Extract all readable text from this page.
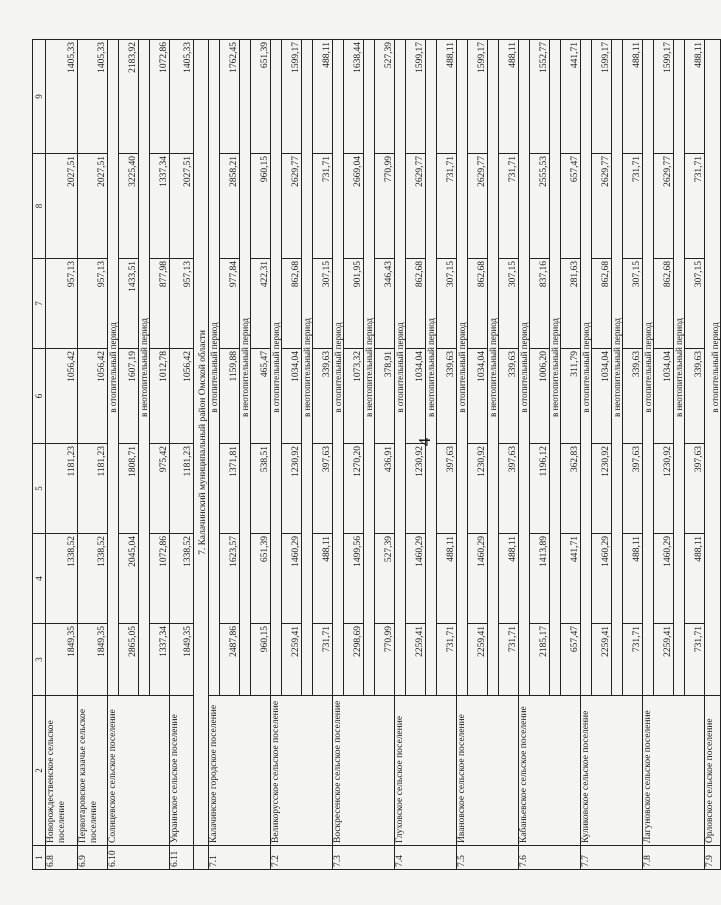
4
1	2	3	4	5	6	7	8	9
6.8	Новорождественское сельское поселение	1849,35	1338,52	1181,23	1056,42	957,13	2027,51	1405,33
6.9	Первотаровское казачье сельское поселение	1849,35	1338,52	1181,23	1056,42	957,13	2027,51	1405,33
6.10	Солнцевское сельское поселение	в отопительный период						
		2865,05	2045,04	1808,71	1607,19	1433,51	3225,40	2183,92
		в неотопительный период						
		1337,34	1072,86	975,42	1012,78	877,98	1337,34	1072,86
6.11	Украинское сельское поселение	1849,35	1338,52	1181,23	1056,42	957,13	2027,51	1405,33
	7. Калачинский муниципальный район Омской области							
7.1	Калачинское городское поселение	в отопительный период						
		2487,86	1623,57	1371,81	1159,88	977,84	2858,21	1762,45
		в неотопительный период						
		960,15	651,39	538,51	465,47	422,31	960,15	651,39
7.2	Великорусское сельское поселение	в отопительный период						
		2259,41	1460,29	1230,92	1034,04	862,68	2629,77	1599,17
		в неотопительный период						
		731,71	488,11	397,63	339,63	307,15	731,71	488,11
7.3	Воскресенское сельское поселение	в отопительный период						
		2298,69	1499,56	1270,20	1073,32	901,95	2669,04	1638,44
		в неотопительный период						
		770,99	527,39	436,91	378,91	346,43	770,99	527,39
7.4	Глуховское сельское поселение	в отопительный период						
		2259,41	1460,29	1230,92	1034,04	862,68	2629,77	1599,17
		в неотопительный период						
		731,71	488,11	397,63	339,63	307,15	731,71	488,11
7.5	Ивановское сельское поселение	в отопительный период						
		2259,41	1460,29	1230,92	1034,04	862,68	2629,77	1599,17
		в неотопительный период						
		731,71	488,11	397,63	339,63	307,15	731,71	488,11
7.6	Кабаньевское сельское поселение	в отопительный период						
		2185,17	1413,89	1196,12	1006,20	837,16	2555,53	1552,77
		в неотопительный период						
		657,47	441,71	362,83	311,79	281,63	657,47	441,71
7.7	Куликовское сельское поселение	в отопительный период						
		2259,41	1460,29	1230,92	1034,04	862,68	2629,77	1599,17
		в неотопительный период						
		731,71	488,11	397,63	339,63	307,15	731,71	488,11
7.8	Лагуновское сельское поселение	в отопительный период						
		2259,41	1460,29	1230,92	1034,04	862,68	2629,77	1599,17
		в неотопительный период						
		731,71	488,11	397,63	339,63	307,15	731,71	488,11
7.9	Орловское сельское поселение	в отопительный период						
